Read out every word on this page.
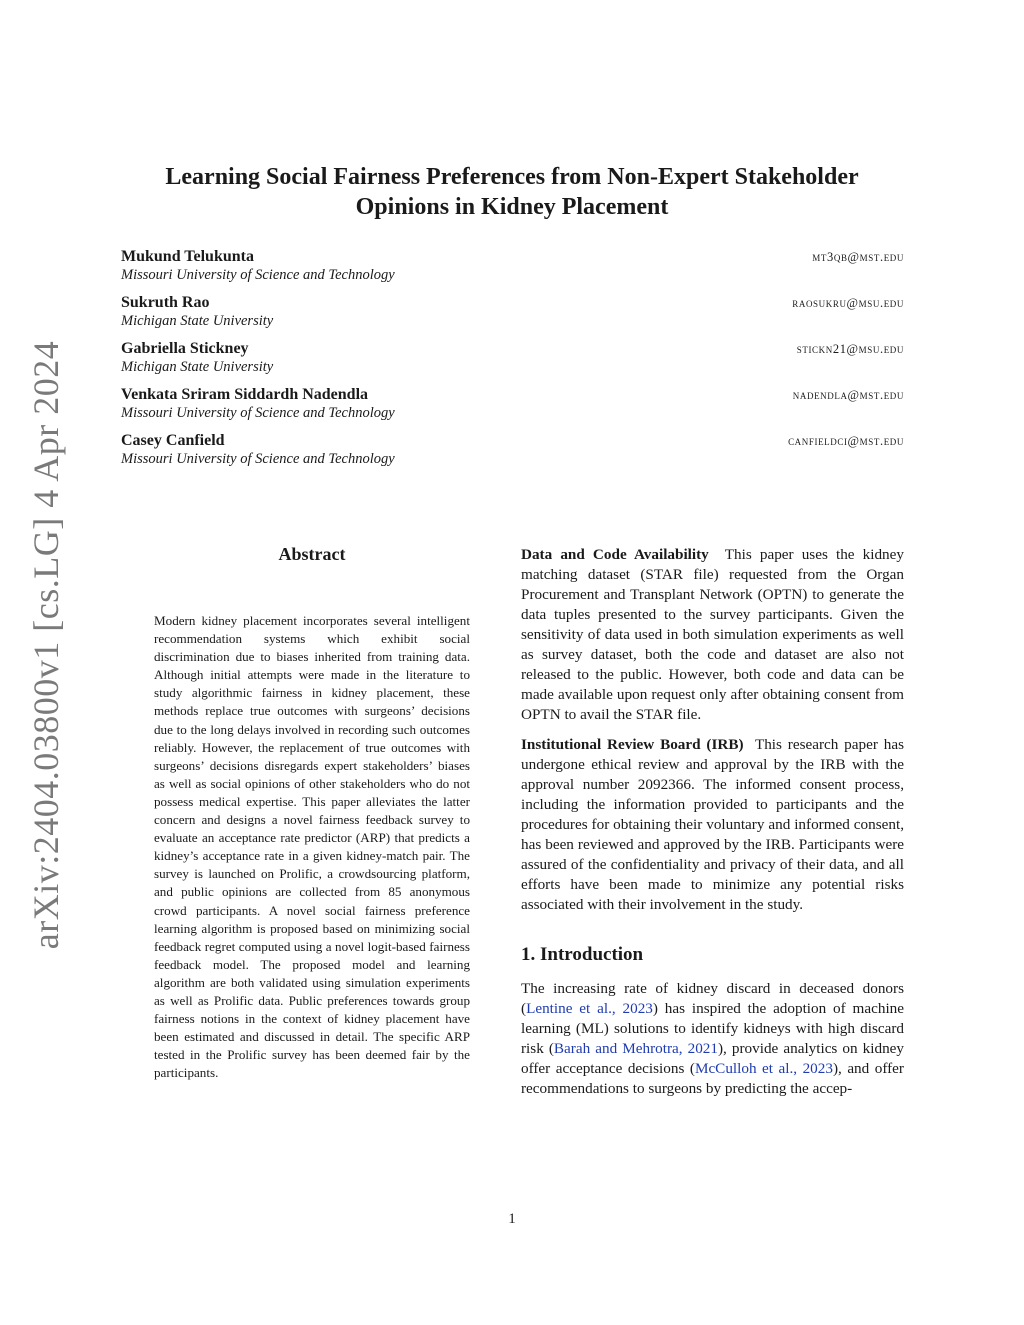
arXiv:2404.03800v1 [cs.LG] 4 Apr 2024
Learning Social Fairness Preferences from Non-Expert Stakeholder Opinions in Kidney Placement
Mukund Telukunta
Missouri University of Science and Technology
mt3qb@mst.edu
Sukruth Rao
Michigan State University
raosukru@msu.edu
Gabriella Stickney
Michigan State University
stickn21@msu.edu
Venkata Sriram Siddardh Nadendla
Missouri University of Science and Technology
nadendla@mst.edu
Casey Canfield
Missouri University of Science and Technology
canfieldci@mst.edu
Abstract
Modern kidney placement incorporates several intelligent recommendation systems which exhibit social discrimination due to biases inherited from training data. Although initial attempts were made in the literature to study algorithmic fairness in kidney placement, these methods replace true outcomes with surgeons’ decisions due to the long delays involved in recording such outcomes reliably. However, the replacement of true outcomes with surgeons’ decisions disregards expert stakeholders’ biases as well as social opinions of other stakeholders who do not possess medical expertise. This paper alleviates the latter concern and designs a novel fairness feedback survey to evaluate an acceptance rate predictor (ARP) that predicts a kidney’s acceptance rate in a given kidney-match pair. The survey is launched on Prolific, a crowdsourcing platform, and public opinions are collected from 85 anonymous crowd participants. A novel social fairness preference learning algorithm is proposed based on minimizing social feedback regret computed using a novel logit-based fairness feedback model. The proposed model and learning algorithm are both validated using simulation experiments as well as Prolific data. Public preferences towards group fairness notions in the context of kidney placement have been estimated and discussed in detail. The specific ARP tested in the Prolific survey has been deemed fair by the participants.

Data and Code Availability This paper uses the kidney matching dataset (STAR file) requested from the Organ Procurement and Transplant Network (OPTN) to generate the data tuples presented to the survey participants. Given the sensitivity of data used in both simulation experiments as well as survey dataset, both the code and dataset are also not released to the public. However, both code and data can be made available upon request only after obtaining consent from OPTN to avail the STAR file.

Institutional Review Board (IRB) This research paper has undergone ethical review and approval by the IRB with the approval number 2092366. The informed consent process, including the information provided to participants and the procedures for obtaining their voluntary and informed consent, has been reviewed and approved by the IRB. Participants were assured of the confidentiality and privacy of their data, and all efforts have been made to minimize any potential risks associated with their involvement in the study.

1. Introduction

The increasing rate of kidney discard in deceased donors (Lentine et al., 2023) has inspired the adoption of machine learning (ML) solutions to identify kidneys with high discard risk (Barah and Mehrotra, 2021), provide analytics on kidney offer acceptance decisions (McCulloh et al., 2023), and offer recommendations to surgeons by predicting the accep-

1
